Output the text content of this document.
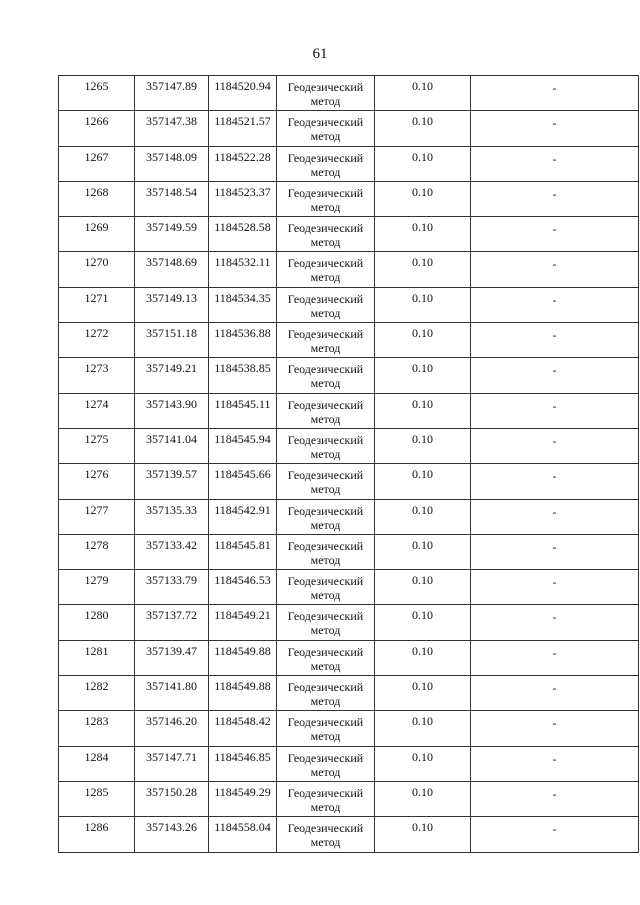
61
1265	357147.89	1184520.94	Геодезический метод	0.10	-

1266	357147.38	1184521.57	Геодезический метод	0.10	-

1267	357148.09	1184522.28	Геодезический метод	0.10	-

1268	357148.54	1184523.37	Геодезический метод	0.10	-

1269	357149.59	1184528.58	Геодезический метод	0.10	-

1270	357148.69	1184532.11	Геодезический метод	0.10	-

1271	357149.13	1184534.35	Геодезический метод	0.10	-

1272	357151.18	1184536.88	Геодезический метод	0.10	-

1273	357149.21	1184538.85	Геодезический метод	0.10	-

1274	357143.90	1184545.11	Геодезический метод	0.10	-

1275	357141.04	1184545.94	Геодезический метод	0.10	-

1276	357139.57	1184545.66	Геодезический метод	0.10	-

1277	357135.33	1184542.91	Геодезический метод	0.10	-

1278	357133.42	1184545.81	Геодезический метод	0.10	-

1279	357133.79	1184546.53	Геодезический метод	0.10	-

1280	357137.72	1184549.21	Геодезический метод	0.10	-

1281	357139.47	1184549.88	Геодезический метод	0.10	-

1282	357141.80	1184549.88	Геодезический метод	0.10	-

1283	357146.20	1184548.42	Геодезический метод	0.10	-

1284	357147.71	1184546.85	Геодезический метод	0.10	-

1285	357150.28	1184549.29	Геодезический метод	0.10	-

1286	357143.26	1184558.04	Геодезический метод	0.10	-
